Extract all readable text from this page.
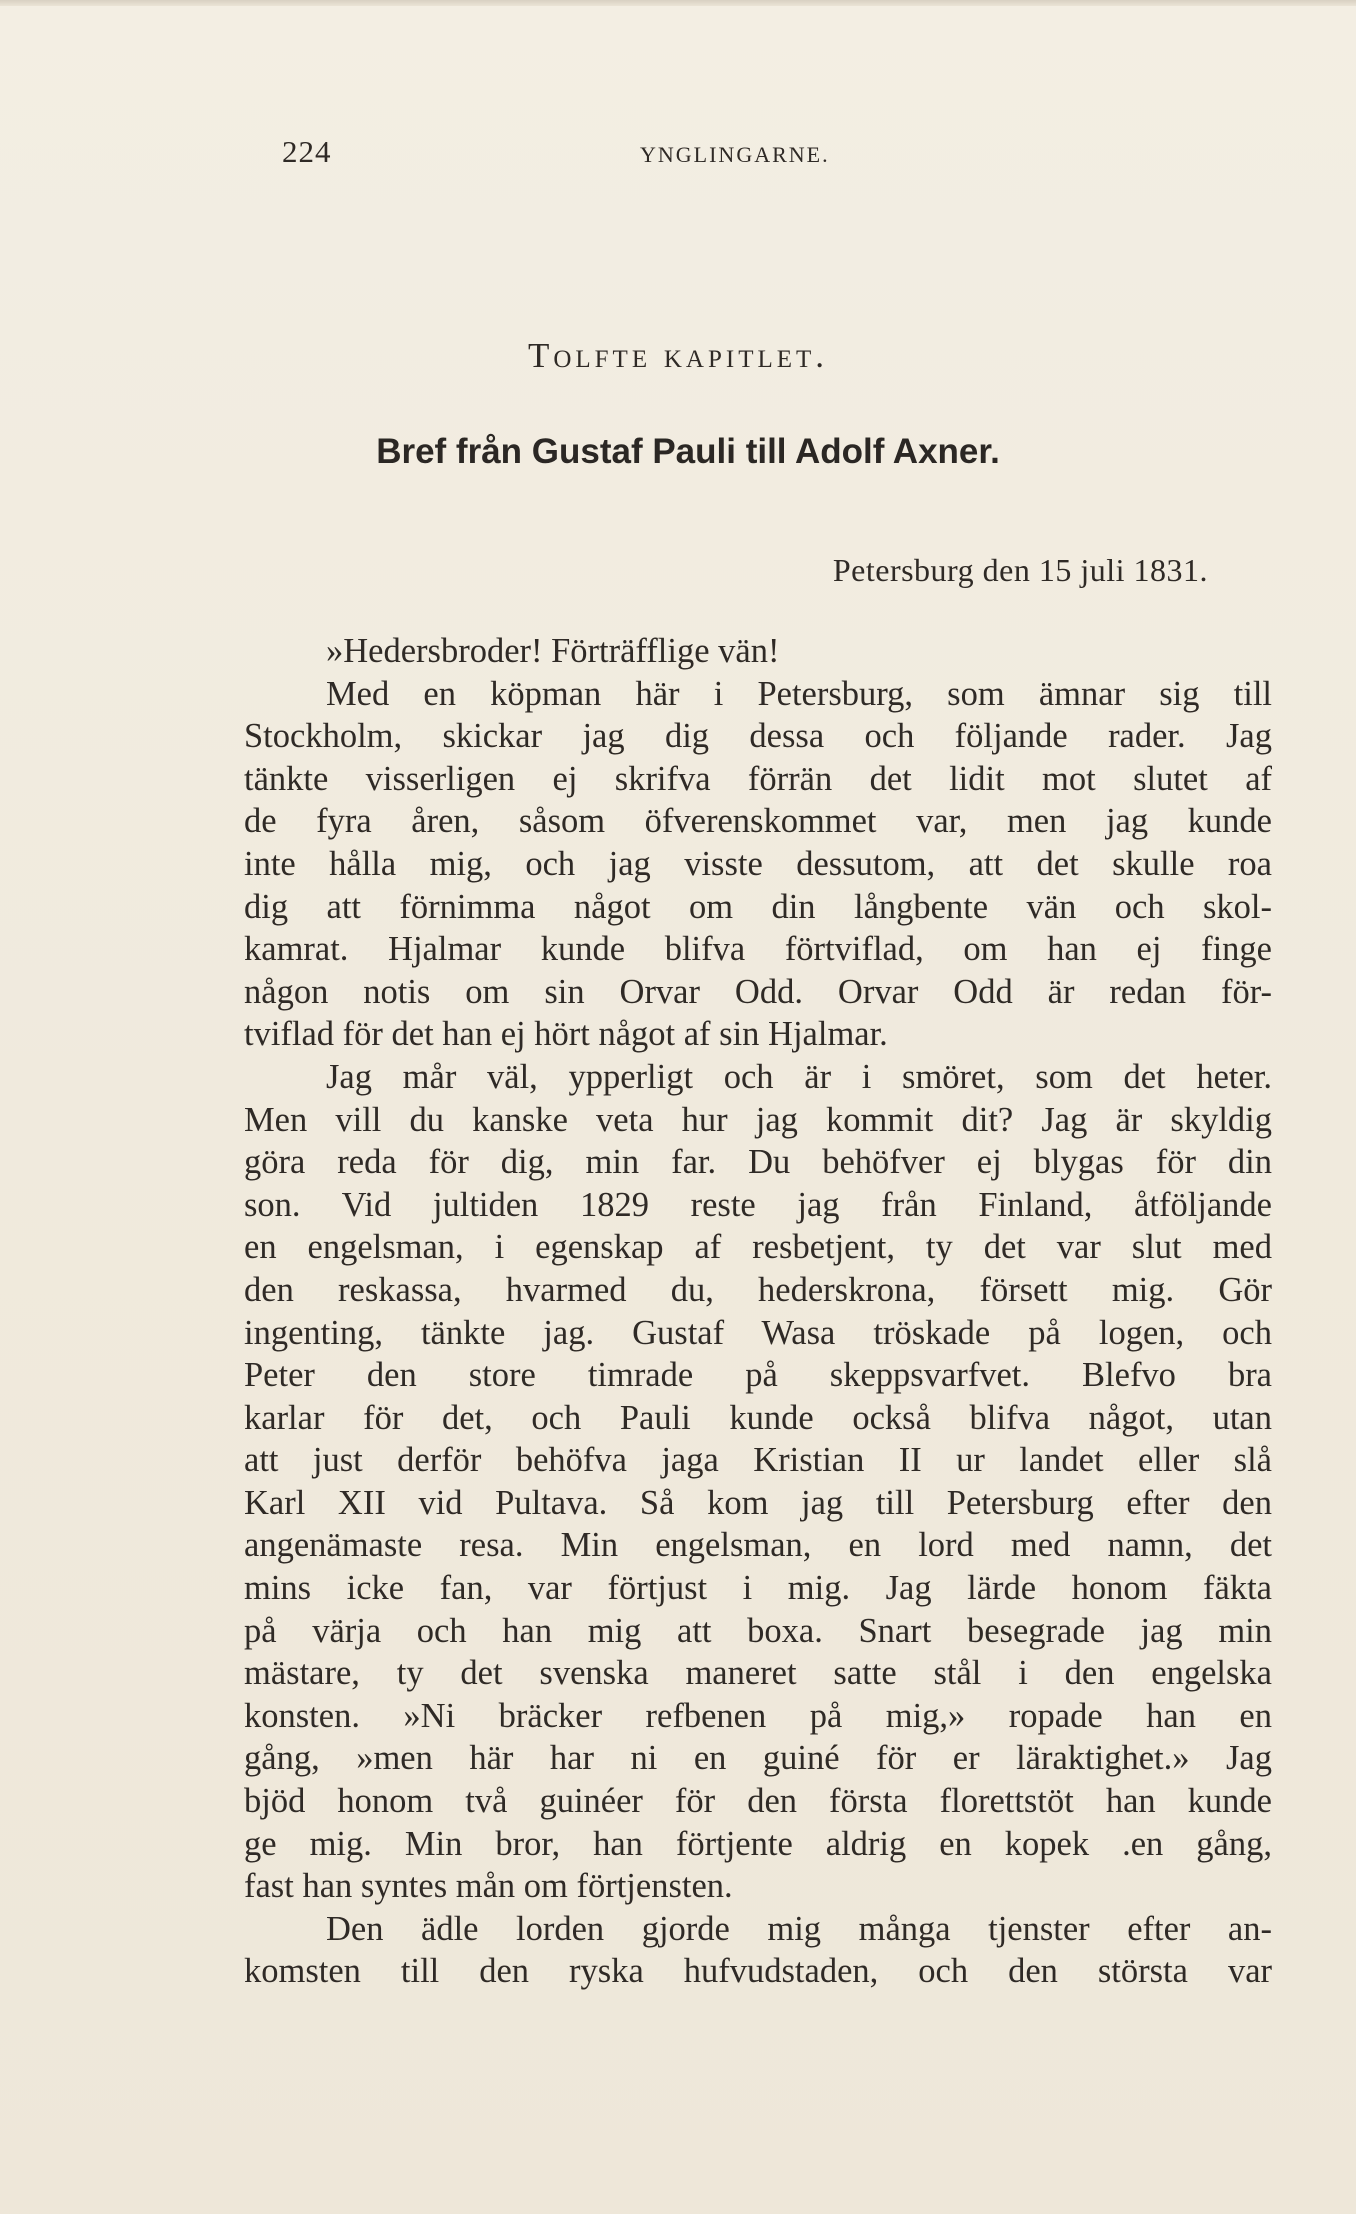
224	YNGLINGARNE.
Tolfte kapitlet.
Bref från Gustaf Pauli till Adolf Axner.
Petersburg den 15 juli 1831.
»Hedersbroder! Förträfflige vän!
Med en köpman här i Petersburg, som ämnar sig till
Stockholm, skickar jag dig dessa och följande rader. Jag
tänkte visserligen ej skrifva förrän det lidit mot slutet af
de fyra åren, såsom öfverenskommet var, men jag kunde
inte hålla mig, och jag visste dessutom, att det skulle roa
dig att förnimma något om din långbente vän och skol-
kamrat. Hjalmar kunde blifva förtviflad, om han ej finge
någon notis om sin Orvar Odd. Orvar Odd är redan för-
tviflad för det han ej hört något af sin Hjalmar.
Jag mår väl, ypperligt och är i smöret, som det heter.
Men vill du kanske veta hur jag kommit dit? Jag är skyldig
göra reda för dig, min far. Du behöfver ej blygas för din
son. Vid jultiden 1829 reste jag från Finland, åtföljande
en engelsman, i egenskap af resbetjent, ty det var slut med
den reskassa, hvarmed du, hederskrona, försett mig. Gör
ingenting, tänkte jag. Gustaf Wasa tröskade på logen, och
Peter den store timrade på skeppsvarfvet. Blefvo bra
karlar för det, och Pauli kunde också blifva något, utan
att just derför behöfva jaga Kristian II ur landet eller slå
Karl XII vid Pultava. Så kom jag till Petersburg efter den
angenämaste resa. Min engelsman, en lord med namn, det
mins icke fan, var förtjust i mig. Jag lärde honom fäkta
på värja och han mig att boxa. Snart besegrade jag min
mästare, ty det svenska maneret satte stål i den engelska
konsten. »Ni bräcker refbenen på mig,» ropade han en
gång, »men här har ni en guiné för er läraktighet.» Jag
bjöd honom två guinéer för den första florettstöt han kunde
ge mig. Min bror, han förtjente aldrig en kopek .en gång,
fast han syntes mån om förtjensten.
Den ädle lorden gjorde mig många tjenster efter an-
komsten till den ryska hufvudstaden, och den största var
